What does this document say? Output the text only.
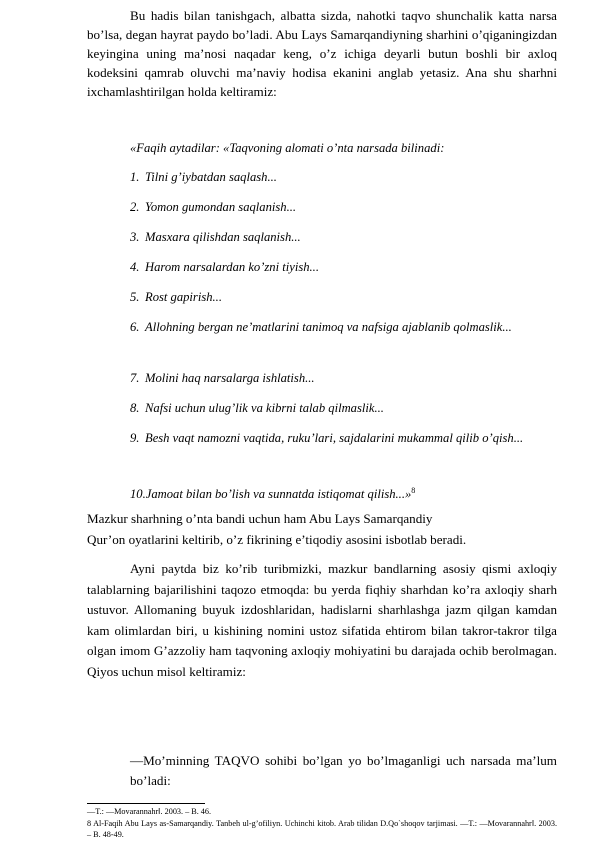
Bu hadis bilan tanishgach, albatta sizda, nahotki taqvo shunchalik katta narsa bo’lsa, degan hayrat paydo bo’ladi. Abu Lays Samarqandiyning sharhini o’qiganingizdan keyingina uning ma’nosi naqadar keng, o’z ichiga deyarli butun boshli bir axloq kodeksini qamrab oluvchi ma’naviy hodisa ekanini anglab yetasiz. Ana shu sharhni ixchamlashtirilgan holda keltiramiz:
«Faqih aytadilar: «Taqvoning alomati o’nta narsada bilinadi:
1. Tilni g’iybatdan saqlash...
2. Yomon gumondan saqlanish...
3. Masxara qilishdan saqlanish...
4. Harom narsalardan ko’zni tiyish...
5. Rost gapirish...
6. Allohning bergan ne’matlarini tanimoq va nafsiga ajablanib qolmaslik...
7. Molini haq narsalarga ishlatish...
8. Nafsi uchun ulug’lik va kibrni talab qilmaslik...
9. Besh vaqt namozni vaqtida, ruku’lari, sajdalarini mukammal qilib o’qish...
10.Jamoat bilan bo’lish va sunnatda istiqomat qilish...»$^8$
Mazkur sharhning o’nta bandi uchun ham Abu Lays Samarqandiy
Qur’on oyatlarini keltirib, o’z fikrining e’tiqodiy asosini isbotlab beradi.
Ayni paytda biz ko’rib turibmizki, mazkur bandlarning asosiy qismi axloqiy talablarning bajarilishini taqozo etmoqda: bu yerda fiqhiy sharhdan ko’ra axloqiy sharh ustuvor. Allomaning buyuk izdoshlaridan, hadislarni sharhlashga jazm qilgan kamdan kam olimlardan biri, u kishining nomini ustoz sifatida ehtirom bilan takror-takror tilga olgan imom G’azzoliy ham taqvoning axloqiy mohiyatini bu darajada ochib berolmagan. Qiyos uchun misol keltiramiz:
―Mo’minning TAQVO sohibi bo’lgan yo bo’lmaganligi uch narsada ma’lum bo’ladi:
―T.: ―Movarannahr‖. 2003. – B. 46.
8 Al-Faqih Abu Lays as-Samarqandiy. Tanbeh ul-g’ofiliyn. Uchinchi kitob. Arab tilidan D.Qo`shoqov tarjimasi. ―T.: ―Movarannahr‖. 2003. – B. 48-49.
